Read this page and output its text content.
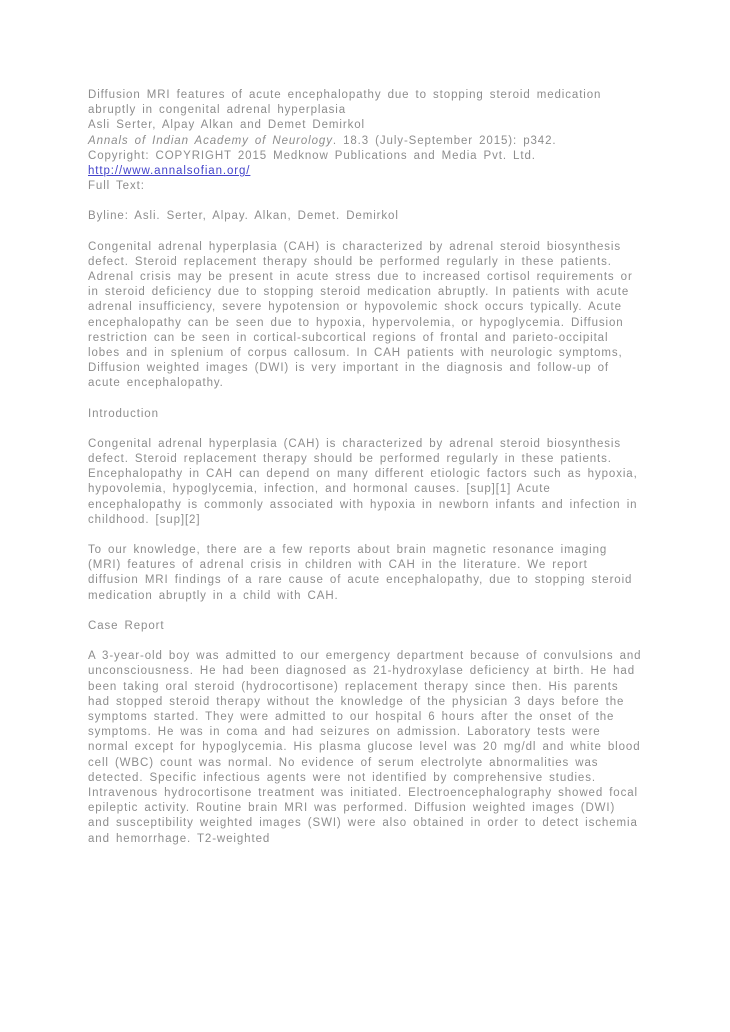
Diffusion MRI features of acute encephalopathy due to stopping steroid medication abruptly in congenital adrenal hyperplasia

Asli Serter, Alpay Alkan and Demet Demirkol

Annals of Indian Academy of Neurology. 18.3 (July-September 2015): p342.

Copyright: COPYRIGHT 2015 Medknow Publications and Media Pvt. Ltd.

http://www.annalsofian.org/

Full Text:

Byline: Asli. Serter, Alpay. Alkan, Demet. Demirkol

Congenital adrenal hyperplasia (CAH) is characterized by adrenal steroid biosynthesis defect. Steroid replacement therapy should be performed regularly in these patients. Adrenal crisis may be present in acute stress due to increased cortisol requirements or in steroid deficiency due to stopping steroid medication abruptly. In patients with acute adrenal insufficiency, severe hypotension or hypovolemic shock occurs typically. Acute encephalopathy can be seen due to hypoxia, hypervolemia, or hypoglycemia. Diffusion restriction can be seen in cortical-subcortical regions of frontal and parieto-occipital lobes and in splenium of corpus callosum. In CAH patients with neurologic symptoms, Diffusion weighted images (DWI) is very important in the diagnosis and follow-up of acute encephalopathy.

Introduction

Congenital adrenal hyperplasia (CAH) is characterized by adrenal steroid biosynthesis defect. Steroid replacement therapy should be performed regularly in these patients. Encephalopathy in CAH can depend on many different etiologic factors such as hypoxia, hypovolemia, hypoglycemia, infection, and hormonal causes. [sup][1] Acute encephalopathy is commonly associated with hypoxia in newborn infants and infection in childhood. [sup][2]

To our knowledge, there are a few reports about brain magnetic resonance imaging (MRI) features of adrenal crisis in children with CAH in the literature. We report diffusion MRI findings of a rare cause of acute encephalopathy, due to stopping steroid medication abruptly in a child with CAH.

Case Report

A 3-year-old boy was admitted to our emergency department because of convulsions and unconsciousness. He had been diagnosed as 21-hydroxylase deficiency at birth. He had been taking oral steroid (hydrocortisone) replacement therapy since then. His parents had stopped steroid therapy without the knowledge of the physician 3 days before the symptoms started. They were admitted to our hospital 6 hours after the onset of the symptoms. He was in coma and had seizures on admission. Laboratory tests were normal except for hypoglycemia. His plasma glucose level was 20 mg/dl and white blood cell (WBC) count was normal. No evidence of serum electrolyte abnormalities was detected. Specific infectious agents were not identified by comprehensive studies. Intravenous hydrocortisone treatment was initiated. Electroencephalography showed focal epileptic activity. Routine brain MRI was performed. Diffusion weighted images (DWI) and susceptibility weighted images (SWI) were also obtained in order to detect ischemia and hemorrhage. T2-weighted
